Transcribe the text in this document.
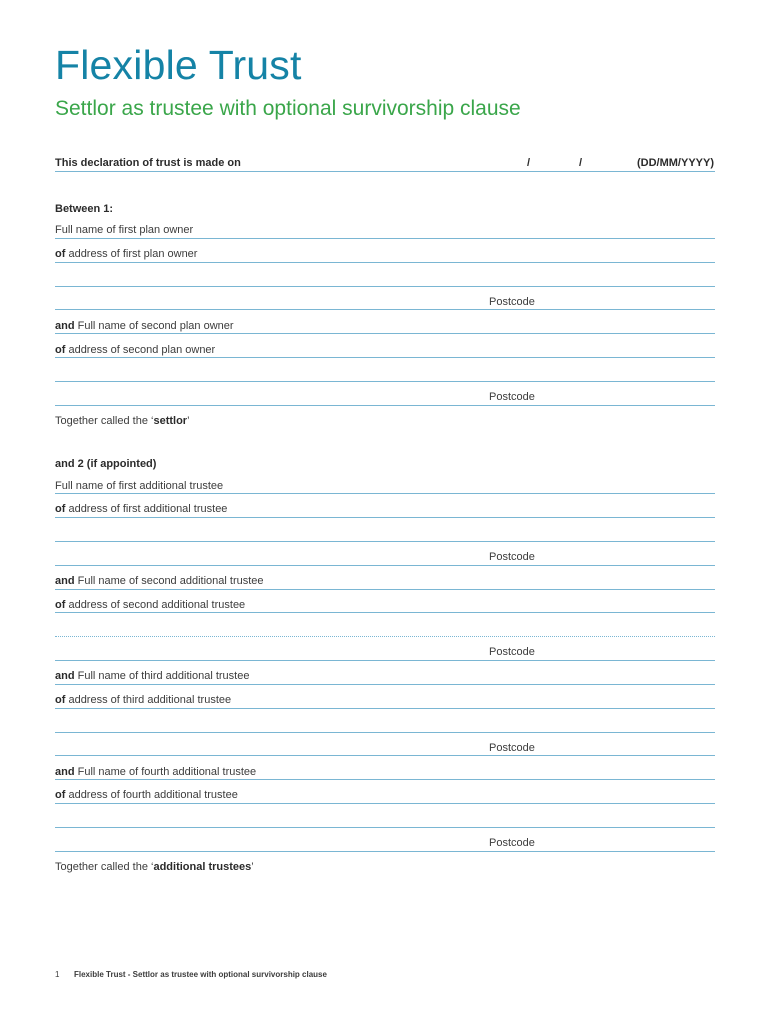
Flexible Trust
Settlor as trustee with optional survivorship clause
This declaration of trust is made on	/	/	(DD/MM/YYYY)
Between 1:
Full name of first plan owner
of address of first plan owner
Postcode
and Full name of second plan owner
of address of second plan owner
Postcode
Together called the ‘settlor’
and 2 (if appointed)
Full name of first additional trustee
of address of first additional trustee
Postcode
and Full name of second additional trustee
of address of second additional trustee
Postcode
and Full name of third additional trustee
of address of third additional trustee
Postcode
and Full name of fourth additional trustee
of address of fourth additional trustee
Postcode
Together called the ‘additional trustees’
1 Flexible Trust - Settlor as trustee with optional survivorship clause
